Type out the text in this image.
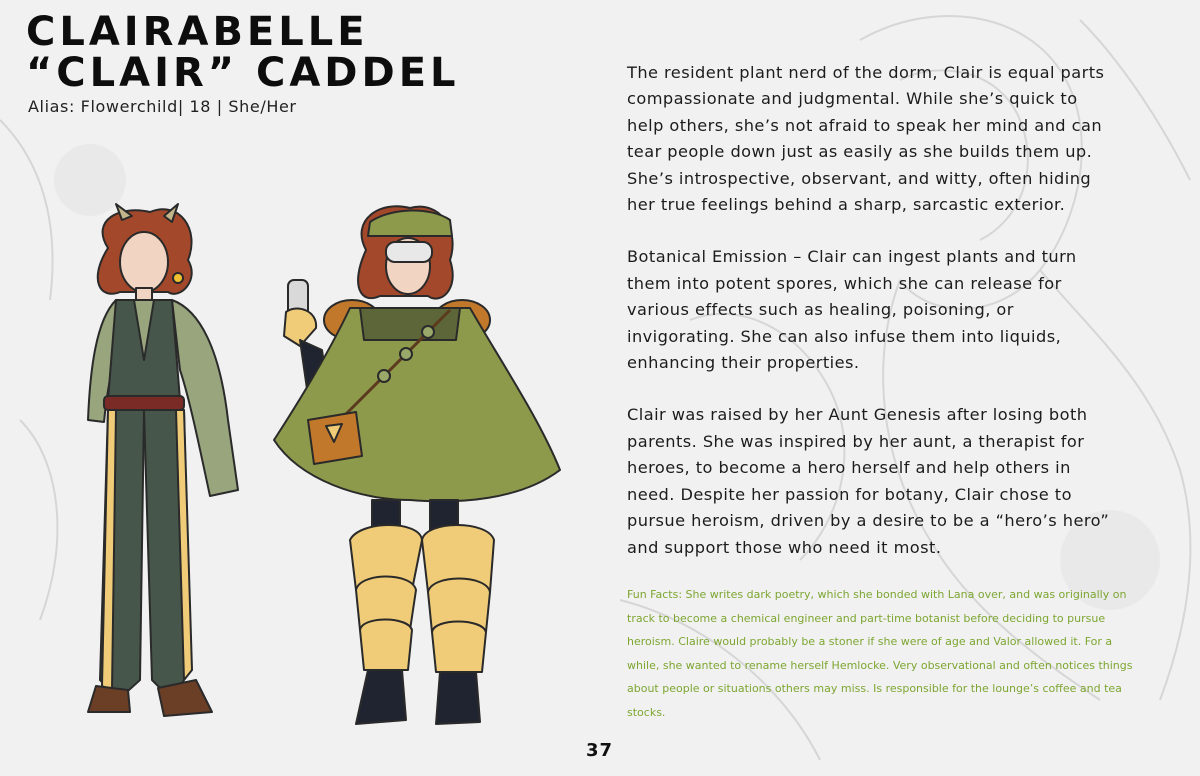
CLAIRABELLE
“CLAIR” CADDEL
Alias: Flowerchild| 18 | She/Her

The resident plant nerd of the dorm, Clair is equal parts
compassionate and judgmental. While she’s quick to
help others, she’s not afraid to speak her mind and can
tear people down just as easily as she builds them up.
She’s introspective, observant, and witty, often hiding
her true feelings behind a sharp, sarcastic exterior.

Botanical Emission – Clair can ingest plants and turn
them into potent spores, which she can release for
various effects such as healing, poisoning, or
invigorating. She can also infuse them into liquids,
enhancing their properties.

Clair was raised by her Aunt Genesis after losing both
parents. She was inspired by her aunt, a therapist for
heroes, to become a hero herself and help others in
need. Despite her passion for botany, Clair chose to
pursue heroism, driven by a desire to be a “hero’s hero”
and support those who need it most.

Fun Facts: She writes dark poetry, which she bonded with Lana over, and was originally on track to become a chemical engineer and part-time botanist before deciding to pursue heroism. Claire would probably be a stoner if she were of age and Valor allowed it. For a while, she wanted to rename herself Hemlocke. Very observational and often notices things about people or situations others may miss. Is responsible for the lounge’s coffee and tea stocks.
37
